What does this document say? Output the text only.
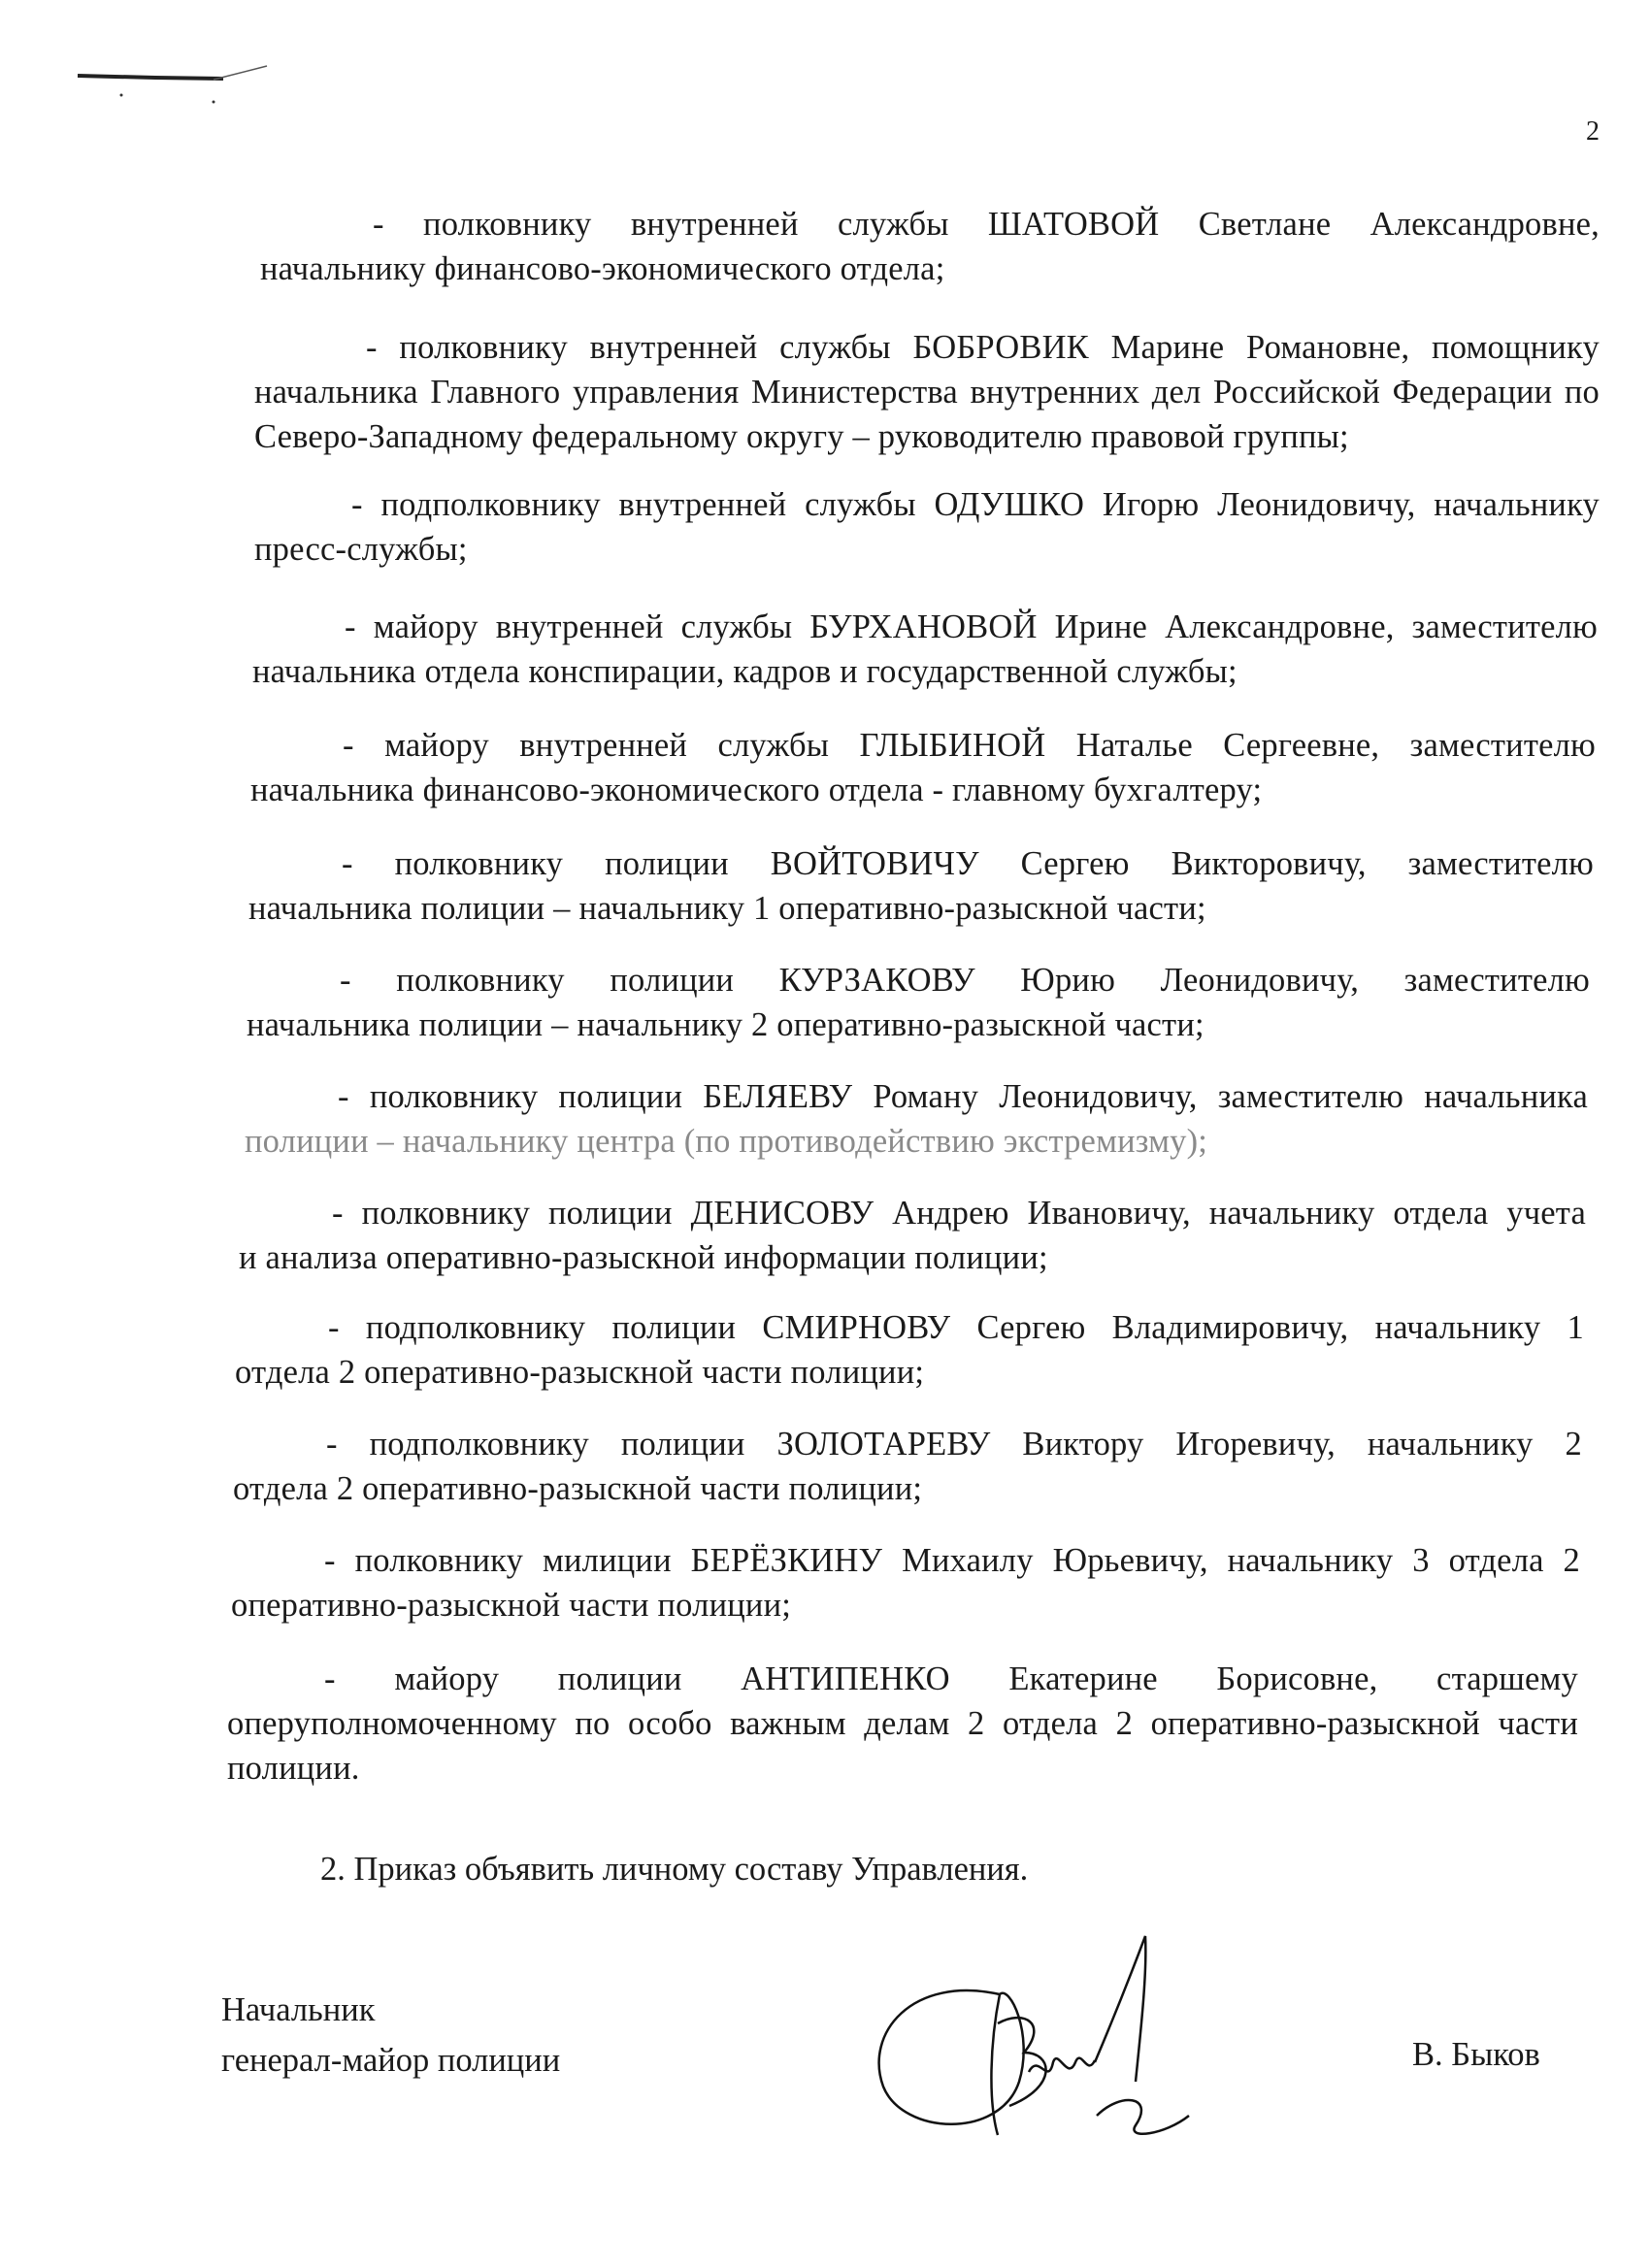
2
- полковнику внутренней службы ШАТОВОЙ Светлане Александровне,
начальнику финансово-экономического отдела;
- полковнику внутренней службы БОБРОВИК Марине Романовне, помощнику
начальника Главного управления Министерства внутренних дел Российской Федерации по Северо-Западному федеральному округу – руководителю правовой группы;
- подполковнику внутренней службы ОДУШКО Игорю Леонидовичу, начальнику
пресс-службы;
- майору внутренней службы БУРХАНОВОЙ Ирине Александровне, заместителю
начальника отдела конспирации, кадров и государственной службы;
- майору внутренней службы ГЛЫБИНОЙ Наталье Сергеевне, заместителю
начальника финансово-экономического отдела - главному бухгалтеру;
- полковнику полиции ВОЙТОВИЧУ Сергею Викторовичу, заместителю
начальника полиции – начальнику 1 оперативно-разыскной части;
- полковнику полиции КУРЗАКОВУ Юрию Леонидовичу, заместителю
начальника полиции – начальнику 2 оперативно-разыскной части;
- полковнику полиции БЕЛЯЕВУ Роману Леонидовичу, заместителю начальника
полиции – начальнику центра (по противодействию экстремизму);
- полковнику полиции ДЕНИСОВУ Андрею Ивановичу, начальнику отдела учета
и анализа оперативно-разыскной информации полиции;
- подполковнику полиции СМИРНОВУ Сергею Владимировичу, начальнику 1
отдела 2 оперативно-разыскной части полиции;
- подполковнику полиции ЗОЛОТАРЕВУ Виктору Игоревичу, начальнику 2
отдела 2 оперативно-разыскной части полиции;
- полковнику милиции БЕРЁЗКИНУ Михаилу Юрьевичу, начальнику 3 отдела 2
оперативно-разыскной части полиции;
- майору полиции АНТИПЕНКО Екатерине Борисовне, старшему
оперуполномоченному по особо важным делам 2 отдела 2 оперативно-разыскной части полиции.
2. Приказ объявить личному составу Управления.
Начальник
генерал-майор полиции	В. Быков
